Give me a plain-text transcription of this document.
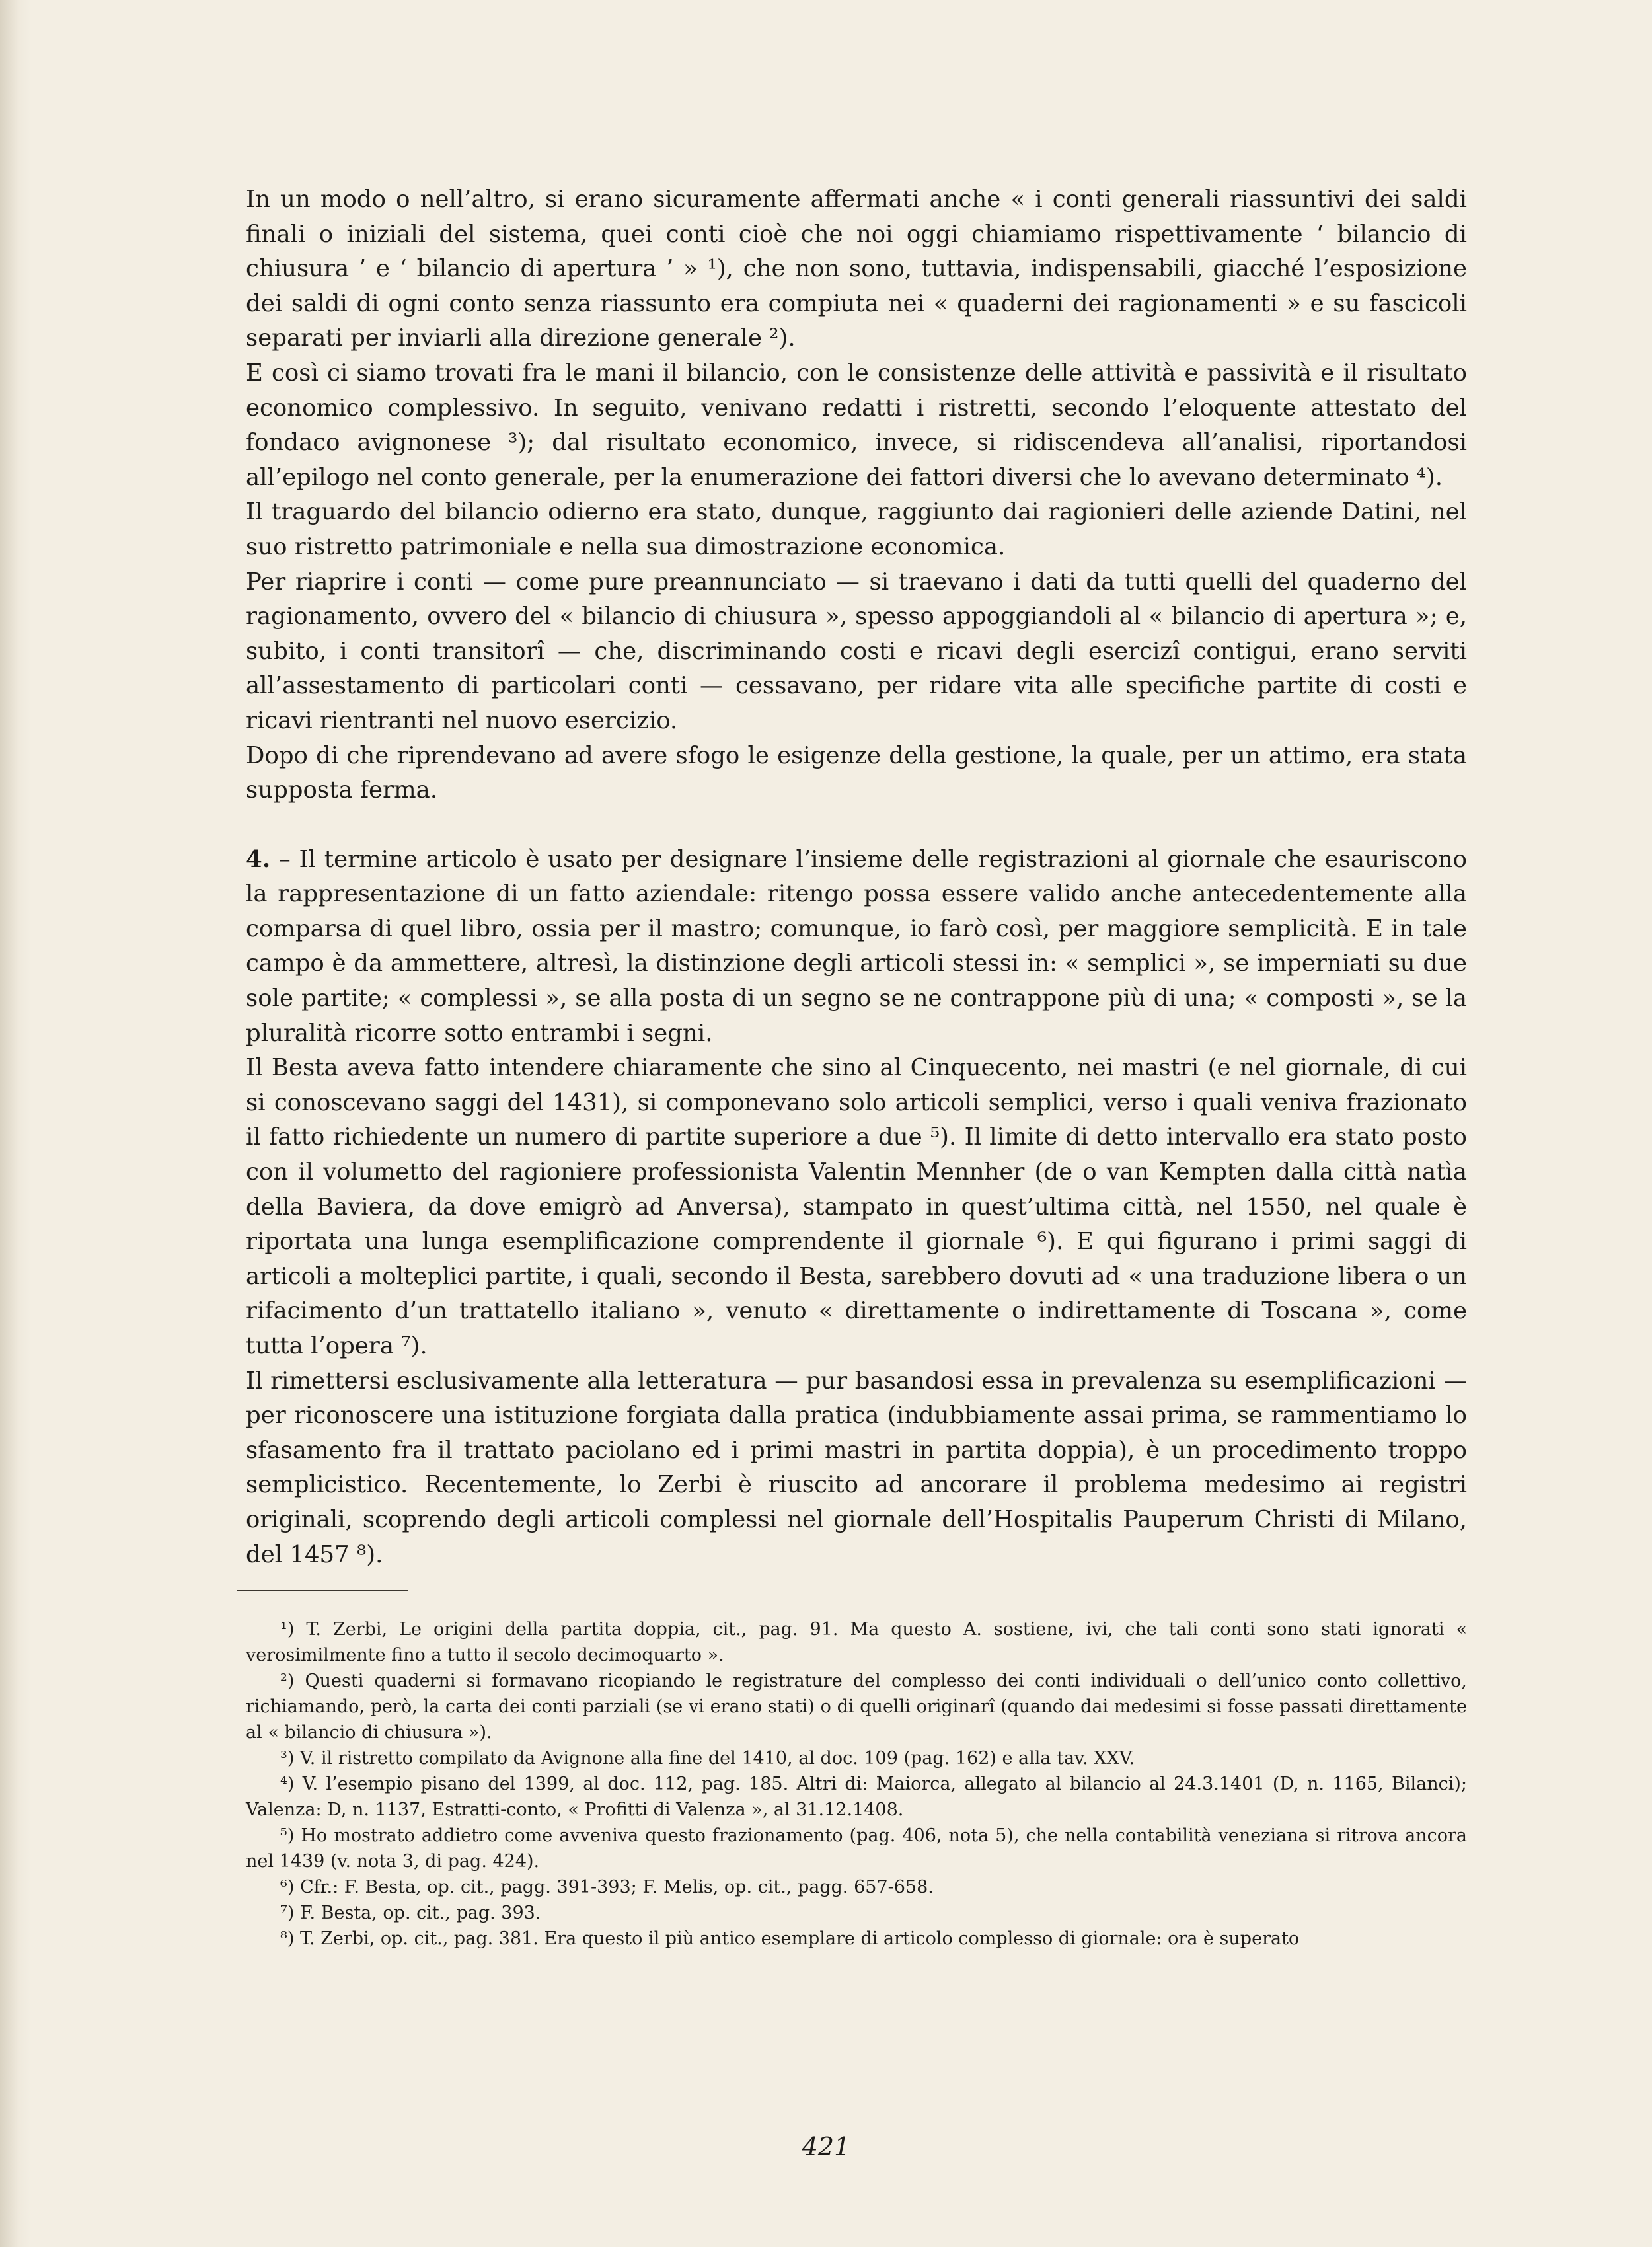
In un modo o nell’altro, si erano sicuramente affermati anche « i conti generali riassuntivi dei saldi finali o iniziali del sistema, quei conti cioè che noi oggi chiamiamo rispettivamente ‘ bilancio di chiusura ’ e ‘ bilancio di apertura ’ » ¹), che non sono, tuttavia, indispensabili, giacché l’esposizione dei saldi di ogni conto senza riassunto era compiuta nei « quaderni dei ragionamenti » e su fascicoli separati per inviarli alla direzione generale ²).

E così ci siamo trovati fra le mani il bilancio, con le consistenze delle attività e passività e il risultato economico complessivo. In seguito, venivano redatti i ristretti, secondo l’eloquente attestato del fondaco avignonese ³); dal risultato economico, invece, si ridiscendeva all’analisi, riportandosi all’epilogo nel conto generale, per la enumerazione dei fattori diversi che lo avevano determinato ⁴).

Il traguardo del bilancio odierno era stato, dunque, raggiunto dai ragionieri delle aziende Datini, nel suo ristretto patrimoniale e nella sua dimostrazione economica.

Per riaprire i conti — come pure preannunciato — si traevano i dati da tutti quelli del quaderno del ragionamento, ovvero del « bilancio di chiusura », spesso appoggiandoli al « bilancio di apertura »; e, subito, i conti transitorî — che, discriminando costi e ricavi degli esercizî contigui, erano serviti all’assestamento di particolari conti — cessavano, per ridare vita alle specifiche partite di costi e ricavi rientranti nel nuovo esercizio.

Dopo di che riprendevano ad avere sfogo le esigenze della gestione, la quale, per un attimo, era stata supposta ferma.

4. – Il termine articolo è usato per designare l’insieme delle registrazioni al giornale che esauriscono la rappresentazione di un fatto aziendale: ritengo possa essere valido anche antecedentemente alla comparsa di quel libro, ossia per il mastro; comunque, io farò così, per maggiore semplicità. E in tale campo è da ammettere, altresì, la distinzione degli articoli stessi in: « semplici », se imperniati su due sole partite; « complessi », se alla posta di un segno se ne contrappone più di una; « composti », se la pluralità ricorre sotto entrambi i segni.

Il Besta aveva fatto intendere chiaramente che sino al Cinquecento, nei mastri (e nel giornale, di cui si conoscevano saggi del 1431), si componevano solo articoli semplici, verso i quali veniva frazionato il fatto richiedente un numero di partite superiore a due ⁵). Il limite di detto intervallo era stato posto con il volumetto del ragioniere professionista Valentin Mennher (de o van Kempten dalla città natìa della Baviera, da dove emigrò ad Anversa), stampato in quest’ultima città, nel 1550, nel quale è riportata una lunga esemplificazione comprendente il giornale ⁶). E qui figurano i primi saggi di articoli a molteplici partite, i quali, secondo il Besta, sarebbero dovuti ad « una traduzione libera o un rifacimento d’un trattatello italiano », venuto « direttamente o indirettamente di Toscana », come tutta l’opera ⁷).

Il rimettersi esclusivamente alla letteratura — pur basandosi essa in prevalenza su esemplificazioni — per riconoscere una istituzione forgiata dalla pratica (indubbiamente assai prima, se rammentiamo lo sfasamento fra il trattato paciolano ed i primi mastri in partita doppia), è un procedimento troppo semplicistico. Recentemente, lo Zerbi è riuscito ad ancorare il problema medesimo ai registri originali, scoprendo degli articoli complessi nel giornale dell’Hospitalis Pauperum Christi di Milano, del 1457 ⁸).

¹) T. Zerbi, Le origini della partita doppia, cit., pag. 91. Ma questo A. sostiene, ivi, che tali conti sono stati ignorati « verosimilmente fino a tutto il secolo decimoquarto ».

²) Questi quaderni si formavano ricopiando le registrature del complesso dei conti individuali o dell’unico conto collettivo, richiamando, però, la carta dei conti parziali (se vi erano stati) o di quelli originarî (quando dai medesimi si fosse passati direttamente al « bilancio di chiusura »).

³) V. il ristretto compilato da Avignone alla fine del 1410, al doc. 109 (pag. 162) e alla tav. XXV.

⁴) V. l’esempio pisano del 1399, al doc. 112, pag. 185. Altri di: Maiorca, allegato al bilancio al 24.3.1401 (D, n. 1165, Bilanci); Valenza: D, n. 1137, Estratti-conto, « Profitti di Valenza », al 31.12.1408.

⁵) Ho mostrato addietro come avveniva questo frazionamento (pag. 406, nota 5), che nella contabilità veneziana si ritrova ancora nel 1439 (v. nota 3, di pag. 424).

⁶) Cfr.: F. Besta, op. cit., pagg. 391-393; F. Melis, op. cit., pagg. 657-658.

⁷) F. Besta, op. cit., pag. 393.

⁸) T. Zerbi, op. cit., pag. 381. Era questo il più antico esemplare di articolo complesso di giornale: ora è superato

421
